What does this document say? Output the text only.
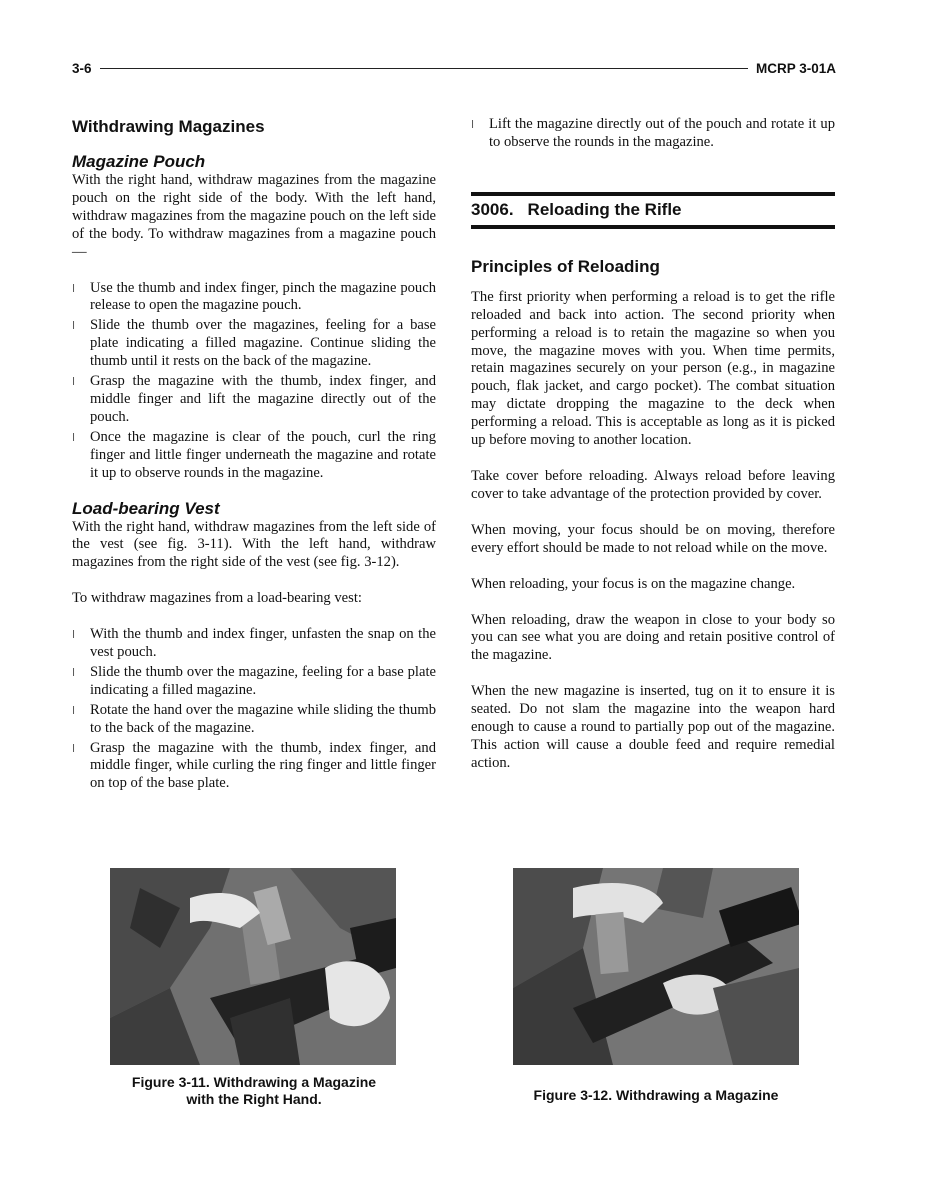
3-6	MCRP 3-01A
Withdrawing Magazines
Magazine Pouch

With the right hand, withdraw magazines from the magazine pouch on the right side of the body. With the left hand, withdraw magazines from the magazine pouch on the left side of the body. To withdraw magazines from a magazine pouch—

l Use the thumb and index finger, pinch the magazine pouch release to open the magazine pouch.
l Slide the thumb over the magazines, feeling for a base plate indicating a filled magazine. Continue sliding the thumb until it rests on the back of the magazine.
l Grasp the magazine with the thumb, index finger, and middle finger and lift the magazine directly out of the pouch.
l Once the magazine is clear of the pouch, curl the ring finger and little finger underneath the magazine and rotate it up to observe rounds in the magazine.
Load-bearing Vest

With the right hand, withdraw magazines from the left side of the vest (see fig. 3-11). With the left hand, withdraw magazines from the right side of the vest (see fig. 3-12).

To withdraw magazines from a load-bearing vest:

l With the thumb and index finger, unfasten the snap on the vest pouch.
l Slide the thumb over the magazine, feeling for a base plate indicating a filled magazine.
l Rotate the hand over the magazine while sliding the thumb to the back of the magazine.
l Grasp the magazine with the thumb, index finger, and middle finger, while curling the ring finger and little finger on top of the base plate.
l Lift the magazine directly out of the pouch and rotate it up to observe the rounds in the magazine.
3006. Reloading the Rifle
Principles of Reloading

The first priority when performing a reload is to get the rifle reloaded and back into action. The second priority when performing a reload is to retain the magazine so when you move, the magazine moves with you. When time permits, retain magazines securely on your person (e.g., in magazine pouch, flak jacket, and cargo pocket). The combat situation may dictate dropping the magazine to the deck when performing a reload. This is acceptable as long as it is picked up before moving to another location.

Take cover before reloading. Always reload before leaving cover to take advantage of the protection provided by cover.

When moving, your focus should be on moving, therefore every effort should be made to not reload while on the move.

When reloading, your focus is on the magazine change.

When reloading, draw the weapon in close to your body so you can see what you are doing and retain positive control of the magazine.

When the new magazine is inserted, tug on it to ensure it is seated. Do not slam the magazine into the weapon hard enough to cause a round to partially pop out of the magazine. This action will cause a double feed and require remedial action.

Figure 3-11. Withdrawing a Magazine
with the Right Hand.	Figure 3-12. Withdrawing a Magazine
